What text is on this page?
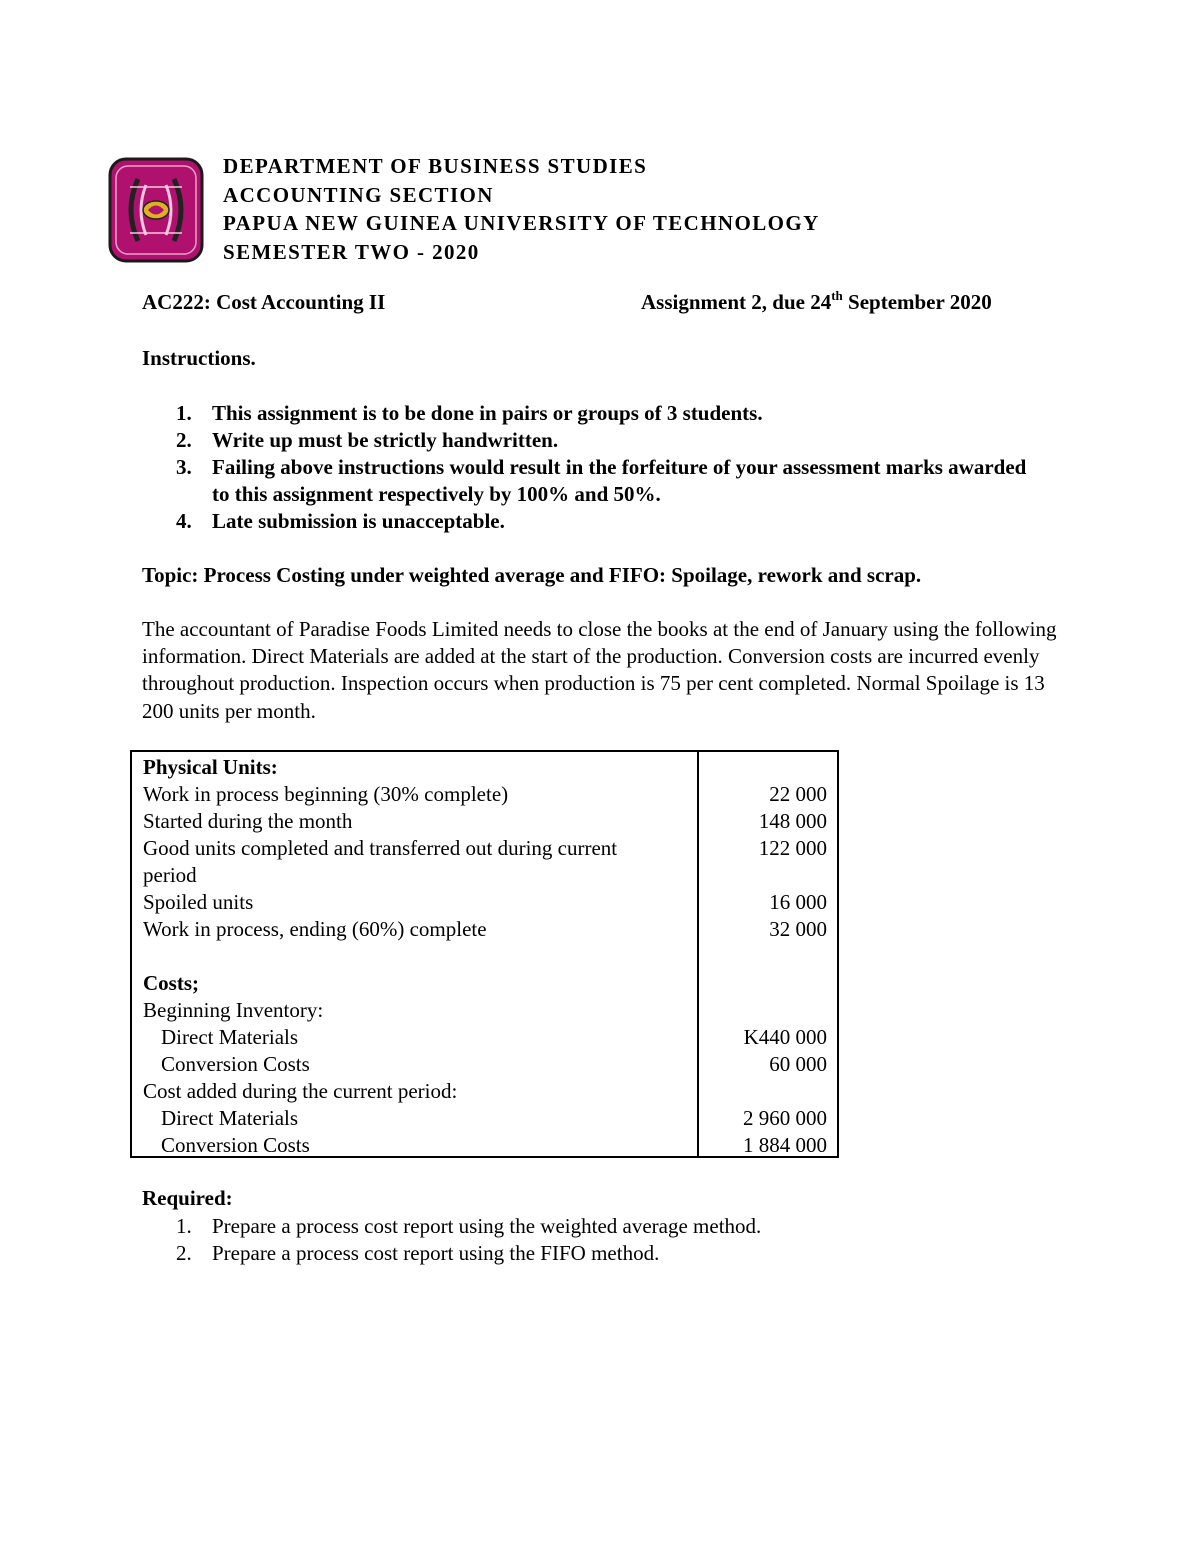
DEPARTMENT OF BUSINESS STUDIES
ACCOUNTING SECTION
PAPUA NEW GUINEA UNIVERSITY OF TECHNOLOGY
SEMESTER TWO - 2020
AC222: Cost Accounting II	Assignment 2, due 24th September 2020
Instructions.
1. This assignment is to be done in pairs or groups of 3 students.
2. Write up must be strictly handwritten.
3. Failing above instructions would result in the forfeiture of your assessment marks awarded to this assignment respectively by 100% and 50%.
4. Late submission is unacceptable.
Topic: Process Costing under weighted average and FIFO: Spoilage, rework and scrap.
The accountant of Paradise Foods Limited needs to close the books at the end of January using the following information. Direct Materials are added at the start of the production. Conversion costs are incurred evenly throughout production. Inspection occurs when production is 75 per cent completed. Normal Spoilage is 13 200 units per month.
Physical Units:
Work in process beginning (30% complete)	22 000
Started during the month	148 000
Good units completed and transferred out during current	122 000
period
Spoiled units	16 000
Work in process, ending (60%) complete	32 000
Costs;
Beginning Inventory:
Direct Materials	K440 000
Conversion Costs	60 000
Cost added during the current period:
Direct Materials	2 960 000
Conversion Costs	1 884 000
Required:
1. Prepare a process cost report using the weighted average method.
2. Prepare a process cost report using the FIFO method.
